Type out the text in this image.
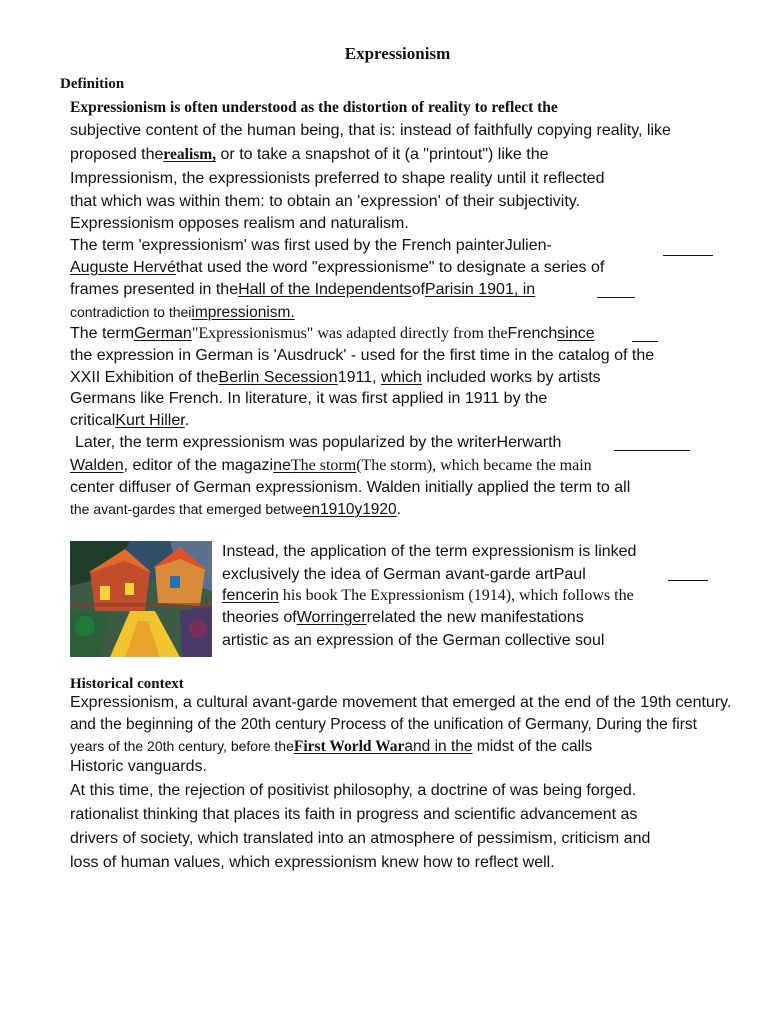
Expressionism
Definition
Expressionism is often understood as the distortion of reality to reflect the
subjective content of the human being, that is: instead of faithfully copying reality, like
proposed therealism, or to take a snapshot of it (a "printout") like the
Impressionism, the expressionists preferred to shape reality until it reflected
that which was within them: to obtain an 'expression' of their subjectivity.
Expressionism opposes realism and naturalism.
The term 'expressionism' was first used by the French painterJulien-
Auguste Hervéthat used the word "expressionisme" to designate a series of
frames presented in theHall of the IndependentsofParisin 1901, in
contradiction to theiimpressionism.
The termGerman"Expressionismus" was adapted directly from theFrenchsince
the expression in German is 'Ausdruck' - used for the first time in the catalog of the
XXII Exhibition of theBerlin Secession1911, which included works by artists
Germans like French. In literature, it was first applied in 1911 by the
criticalKurt Hiller.
Later, the term expressionism was popularized by the writerHerwarth
Walden, editor of the magazineThe storm(The storm), which became the main
center diffuser of German expressionism. Walden initially applied the term to all
the avant-gardes that emerged between1910y1920.
Instead, the application of the term expressionism is linked
exclusively the idea of German avant-garde artPaul
fencerin his book The Expressionism (1914), which follows the
theories ofWorringerrelated the new manifestations
artistic as an expression of the German collective soul
Historical context
Expressionism, a cultural avant-garde movement that emerged at the end of the 19th century.
and the beginning of the 20th century Process of the unification of Germany, During the first
years of the 20th century, before theFirst World Warand in the midst of the calls
Historic vanguards.
At this time, the rejection of positivist philosophy, a doctrine of was being forged.
rationalist thinking that places its faith in progress and scientific advancement as
drivers of society, which translated into an atmosphere of pessimism, criticism and
loss of human values, which expressionism knew how to reflect well.
